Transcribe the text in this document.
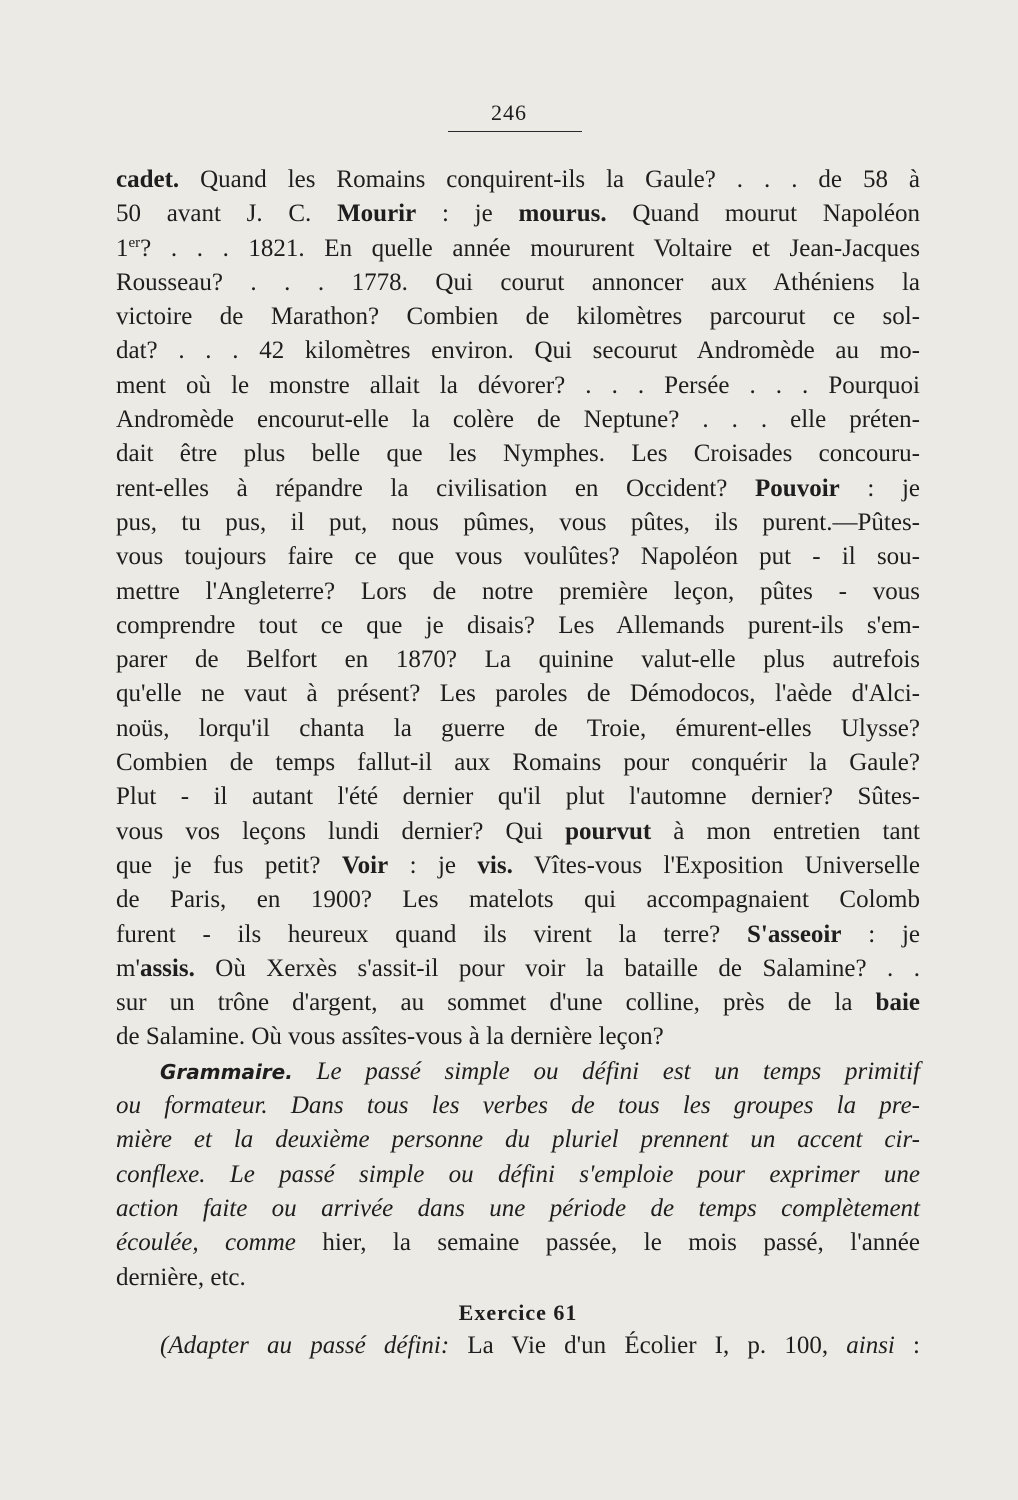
246
cadet. Quand les Romains conquirent-ils la Gaule? . . . de 58 à
50 avant J. C. Mourir : je mourus. Quand mourut Napoléon
1er? . . . 1821. En quelle année moururent Voltaire et Jean-Jacques
Rousseau? . . . 1778. Qui courut annoncer aux Athéniens la
victoire de Marathon? Combien de kilomètres parcourut ce sol-
dat? . . . 42 kilomètres environ. Qui secourut Andromède au mo-
ment où le monstre allait la dévorer? . . . Persée . . . Pourquoi
Andromède encourut-elle la colère de Neptune? . . . elle préten-
dait être plus belle que les Nymphes. Les Croisades concouru-
rent-elles à répandre la civilisation en Occident? Pouvoir : je
pus, tu pus, il put, nous pûmes, vous pûtes, ils purent.—Pûtes-
vous toujours faire ce que vous voulûtes? Napoléon put - il sou-
mettre l'Angleterre? Lors de notre première leçon, pûtes - vous
comprendre tout ce que je disais? Les Allemands purent-ils s'em-
parer de Belfort en 1870? La quinine valut-elle plus autrefois
qu'elle ne vaut à présent? Les paroles de Démodocos, l'aède d'Alci-
noüs, lorqu'il chanta la guerre de Troie, émurent-elles Ulysse?
Combien de temps fallut-il aux Romains pour conquérir la Gaule?
Plut - il autant l'été dernier qu'il plut l'automne dernier? Sûtes-
vous vos leçons lundi dernier? Qui pourvut à mon entretien tant
que je fus petit? Voir : je vis. Vîtes-vous l'Exposition Universelle
de Paris, en 1900? Les matelots qui accompagnaient Colomb
furent - ils heureux quand ils virent la terre? S'asseoir : je
m'assis. Où Xerxès s'assit-il pour voir la bataille de Salamine? . .
sur un trône d'argent, au sommet d'une colline, près de la baie
de Salamine. Où vous assîtes-vous à la dernière leçon?
Grammaire. Le passé simple ou défini est un temps primitif
ou formateur. Dans tous les verbes de tous les groupes la pre-
mière et la deuxième personne du pluriel prennent un accent cir-
conflexe. Le passé simple ou défini s'emploie pour exprimer une
action faite ou arrivée dans une période de temps complètement
écoulée, comme hier, la semaine passée, le mois passé, l'année
dernière, etc.
Exercice 61
(Adapter au passé défini: La Vie d'un Écolier I, p. 100, ainsi :
